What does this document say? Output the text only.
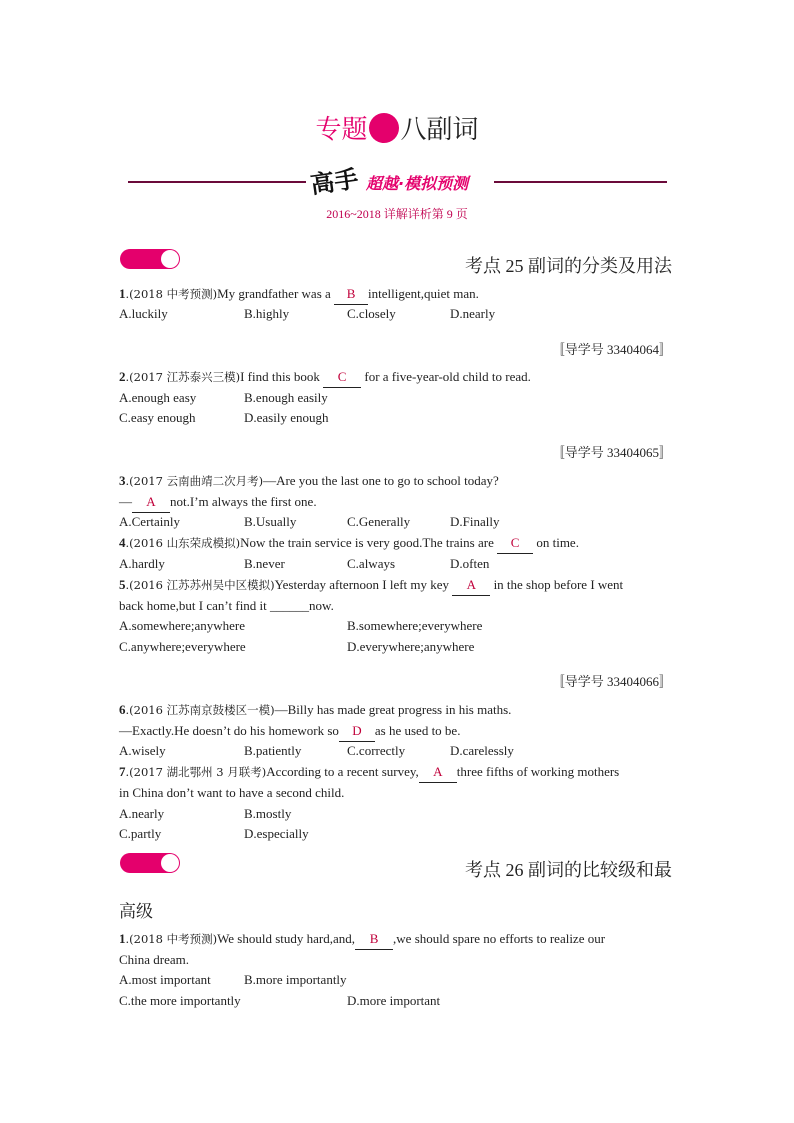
专题 八副词
高手 超越·模拟预测
2016~2018 详解详析第 9 页
考点 25 副词的分类及用法
1.(2018 中考预测)My grandfather was a B intelligent,quiet man.
A.luckily	B.highly	C.closely	D.nearly
〚导学号 33404064〛
2.(2017 江苏泰兴三模)I find this book C for a five-year-old child to read.
A.enough easy	B.enough easily
C.easy enough	D.easily enough
〚导学号 33404065〛
3.(2017 云南曲靖二次月考)—Are you the last one to go to school today?
— A not.I’m always the first one.
A.Certainly	B.Usually	C.Generally	D.Finally
4.(2016 山东荣成模拟)Now the train service is very good.The trains are C on time.
A.hardly	B.never	C.always	D.often
5.(2016 江苏苏州吴中区模拟)Yesterday afternoon I left my key A in the shop before I went
back home,but I can’t find it ______now.
A.somewhere;anywhere	B.somewhere;everywhere
C.anywhere;everywhere	D.everywhere;anywhere
〚导学号 33404066〛
6.(2016 江苏南京鼓楼区一模)—Billy has made great progress in his maths.
—Exactly.He doesn’t do his homework so D as he used to be.
A.wisely	B.patiently	C.correctly	D.carelessly
7.(2017 湖北鄂州 3 月联考)According to a recent survey, A three fifths of working mothers
in China don’t want to have a second child.
A.nearly	B.mostly
C.partly	D.especially
考点 26 副词的比较级和最
高级
1.(2018 中考预测)We should study hard,and, B ,we should spare no efforts to realize our
China dream.
A.most important	B.more importantly
C.the more importantly	D.more important
